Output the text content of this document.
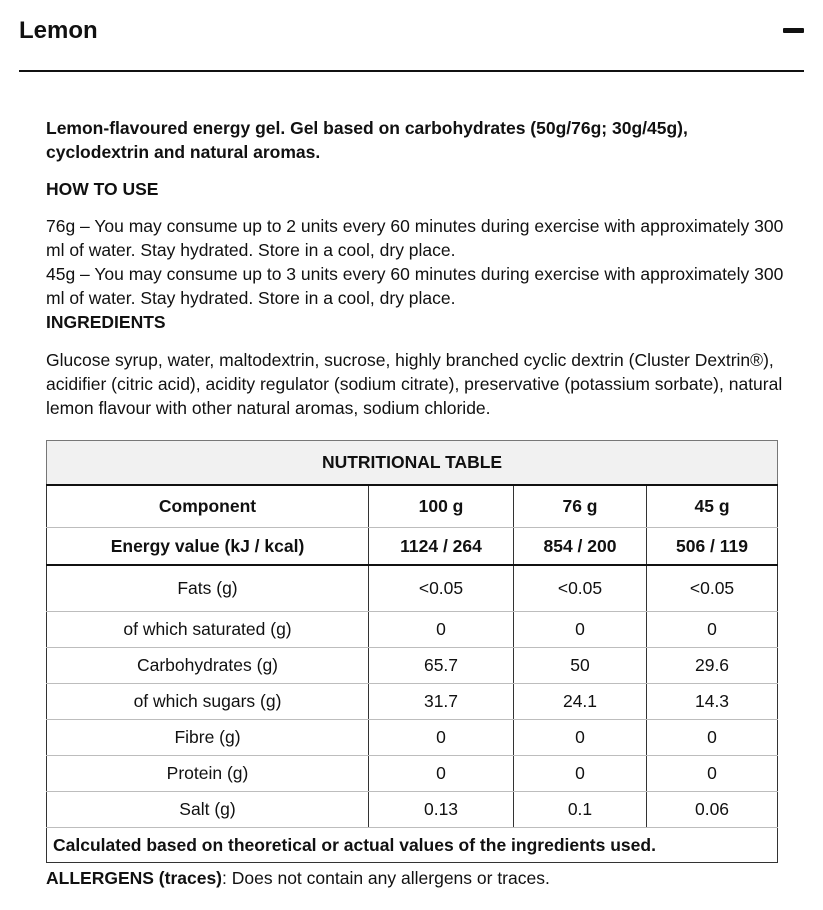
Lemon

Lemon-flavoured energy gel. Gel based on carbohydrates (50g/76g; 30g/45g), cyclodextrin and natural aromas.

HOW TO USE

76g – You may consume up to 2 units every 60 minutes during exercise with approximately 300 ml of water. Stay hydrated. Store in a cool, dry place.
45g – You may consume up to 3 units every 60 minutes during exercise with approximately 300 ml of water. Stay hydrated. Store in a cool, dry place.

INGREDIENTS

Glucose syrup, water, maltodextrin, sucrose, highly branched cyclic dextrin (Cluster Dextrin®), acidifier (citric acid), acidity regulator (sodium citrate), preservative (potassium sorbate), natural lemon flavour with other natural aromas, sodium chloride.

NUTRITIONAL TABLE			
Component	100 g	76 g	45 g
Energy value (kJ / kcal)	1124 / 264	854 / 200	506 / 119
Fats (g)	<0.05	<0.05	<0.05
of which saturated (g)	0	0	0
Carbohydrates (g)	65.7	50	29.6
of which sugars (g)	31.7	24.1	14.3
Fibre (g)	0	0	0
Protein (g)	0	0	0
Salt (g)	0.13	0.1	0.06
Calculated based on theoretical or actual values of the ingredients used.			
ALLERGENS (traces): Does not contain any allergens or traces.
